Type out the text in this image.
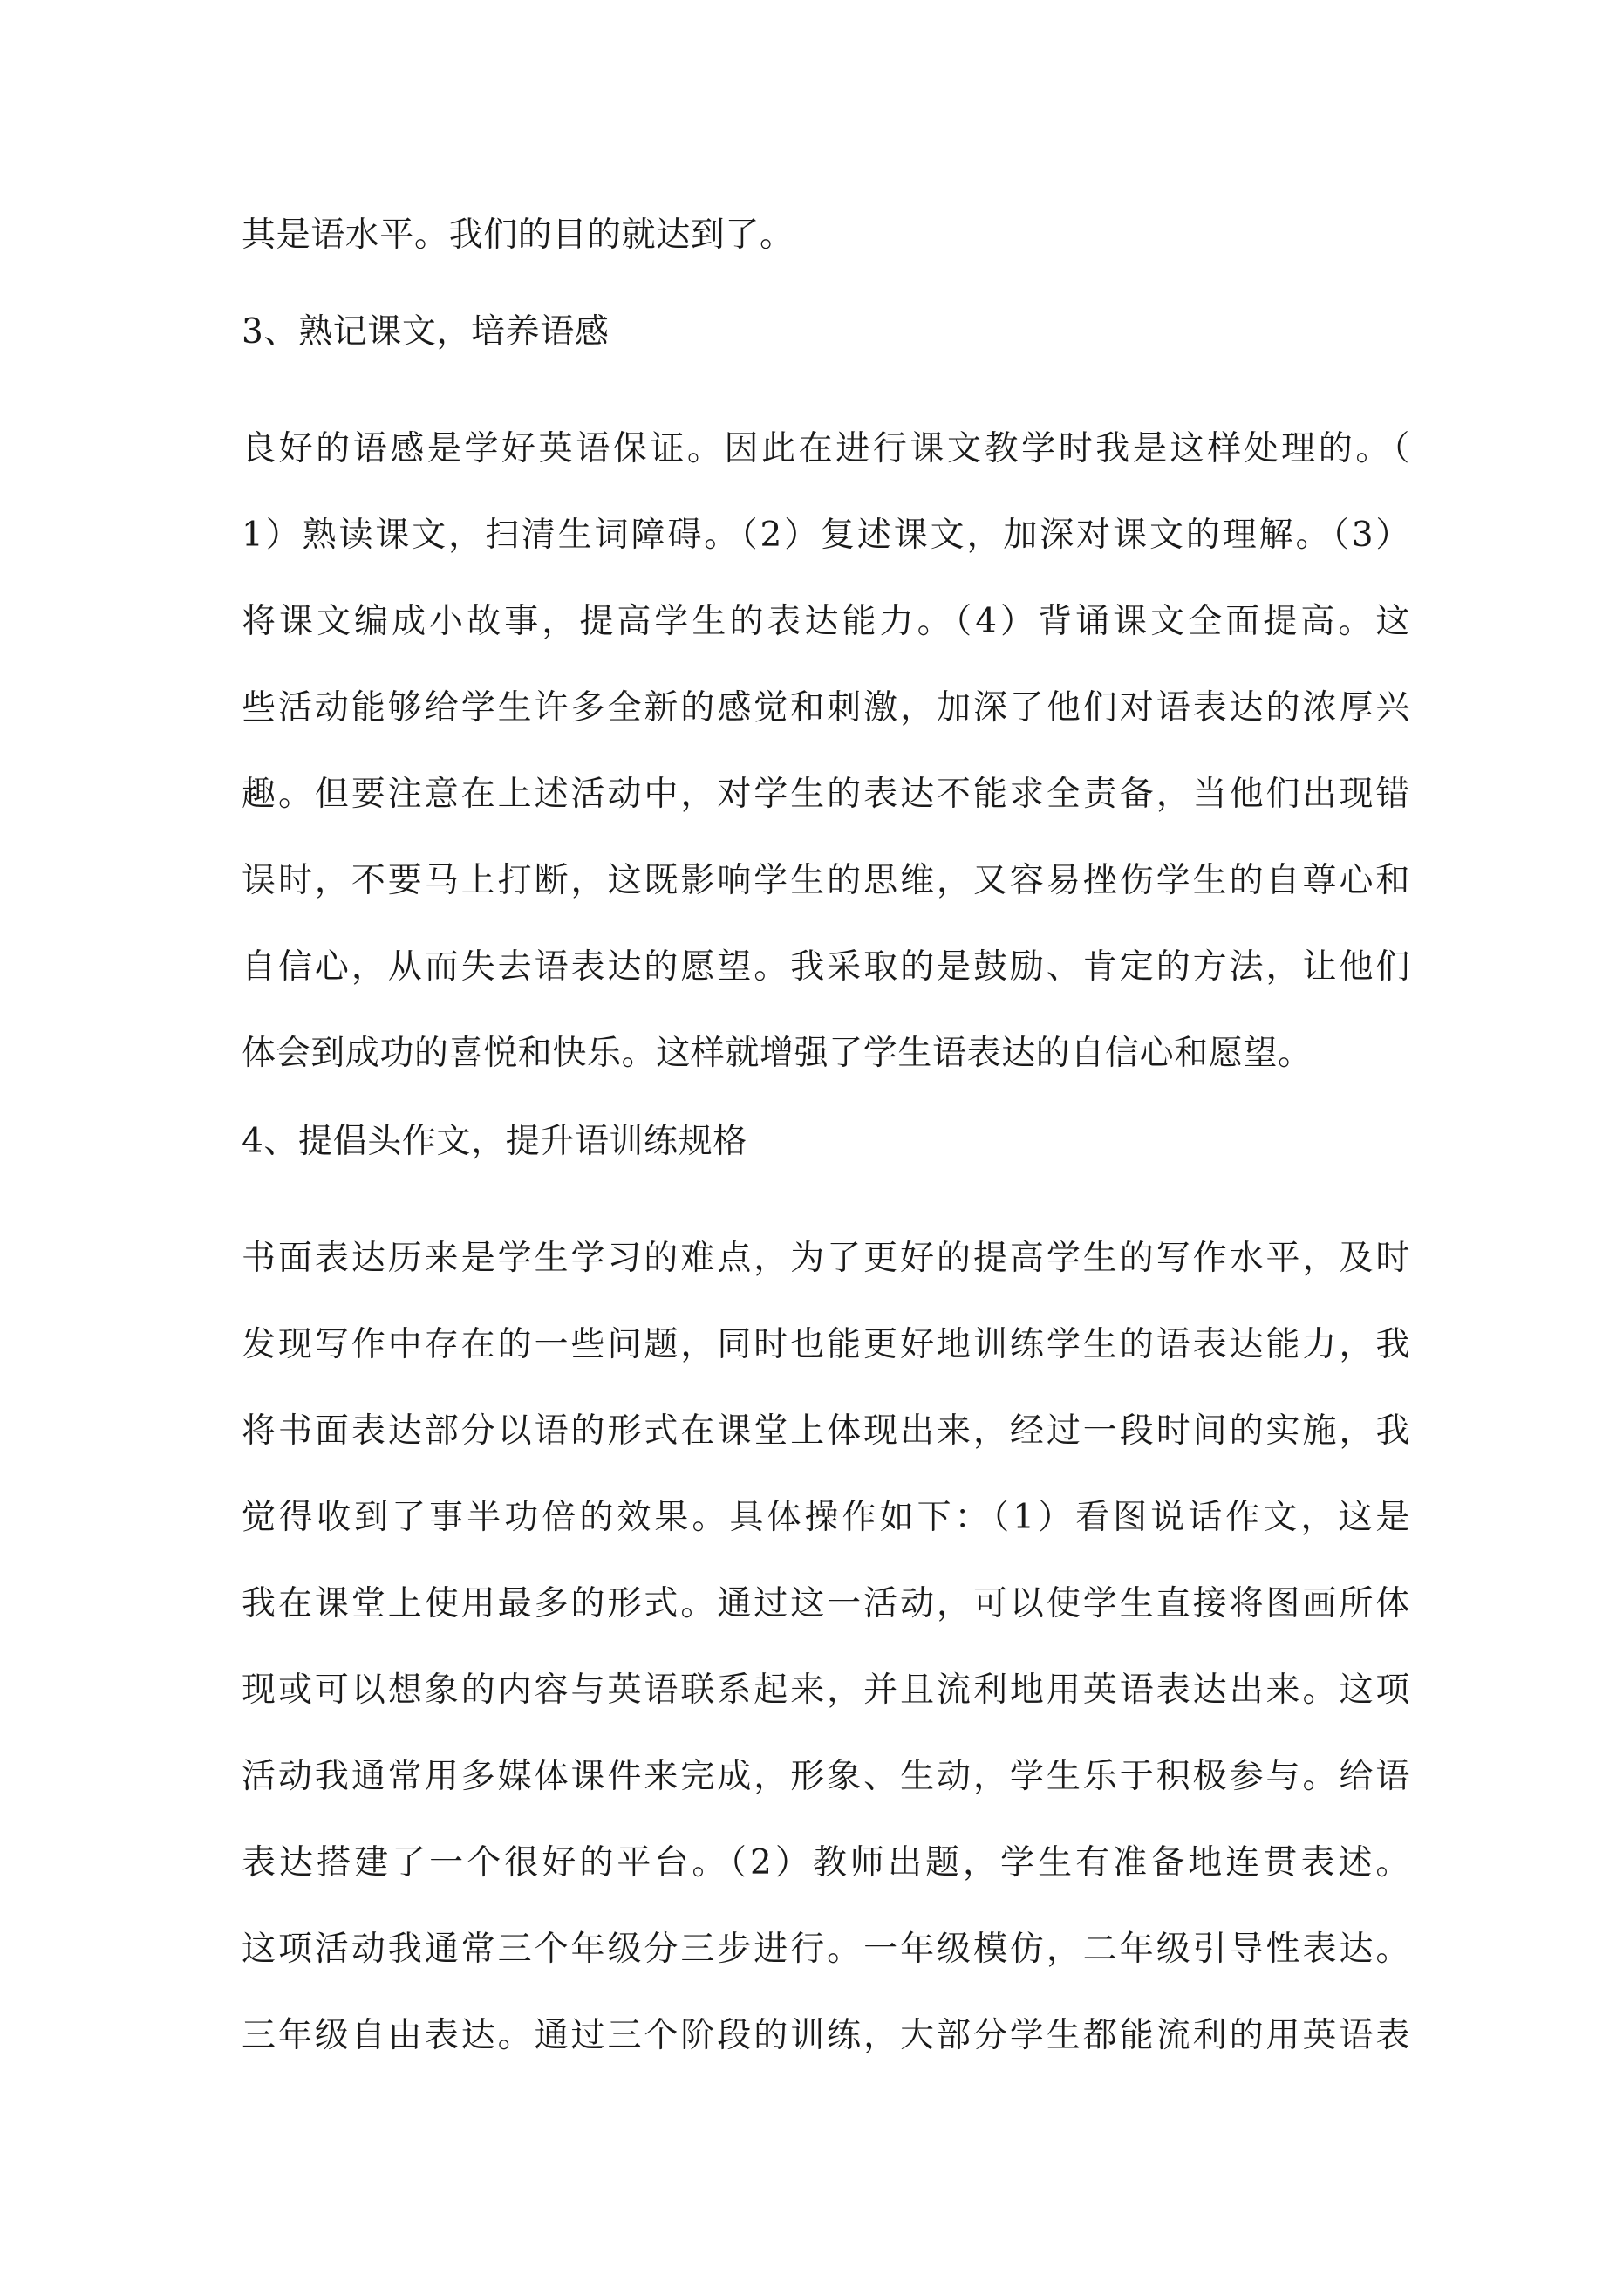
其是语水平。我们的目的就达到了。

3、熟记课文，培养语感

良好的语感是学好英语保证。因此在进行课文教学时我是这样处理的。（

1）熟读课文，扫清生词障碍。（2）复述课文，加深对课文的理解。（3）

将课文编成小故事，提高学生的表达能力。（4）背诵课文全面提高。这

些活动能够给学生许多全新的感觉和刺激，加深了他们对语表达的浓厚兴

趣。但要注意在上述活动中，对学生的表达不能求全责备，当他们出现错

误时，不要马上打断，这既影响学生的思维，又容易挫伤学生的自尊心和

自信心，从而失去语表达的愿望。我采取的是鼓励、肯定的方法，让他们

体会到成功的喜悦和快乐。这样就增强了学生语表达的自信心和愿望。

4、提倡头作文，提升语训练规格

书面表达历来是学生学习的难点，为了更好的提高学生的写作水平，及时

发现写作中存在的一些问题，同时也能更好地训练学生的语表达能力，我

将书面表达部分以语的形式在课堂上体现出来，经过一段时间的实施，我

觉得收到了事半功倍的效果。具体操作如下：（1）看图说话作文，这是

我在课堂上使用最多的形式。通过这一活动，可以使学生直接将图画所体

现或可以想象的内容与英语联系起来，并且流利地用英语表达出来。这项

活动我通常用多媒体课件来完成，形象、生动，学生乐于积极参与。给语

表达搭建了一个很好的平台。（2）教师出题，学生有准备地连贯表述。

这项活动我通常三个年级分三步进行。一年级模仿，二年级引导性表达。

三年级自由表达。通过三个阶段的训练，大部分学生都能流利的用英语表
